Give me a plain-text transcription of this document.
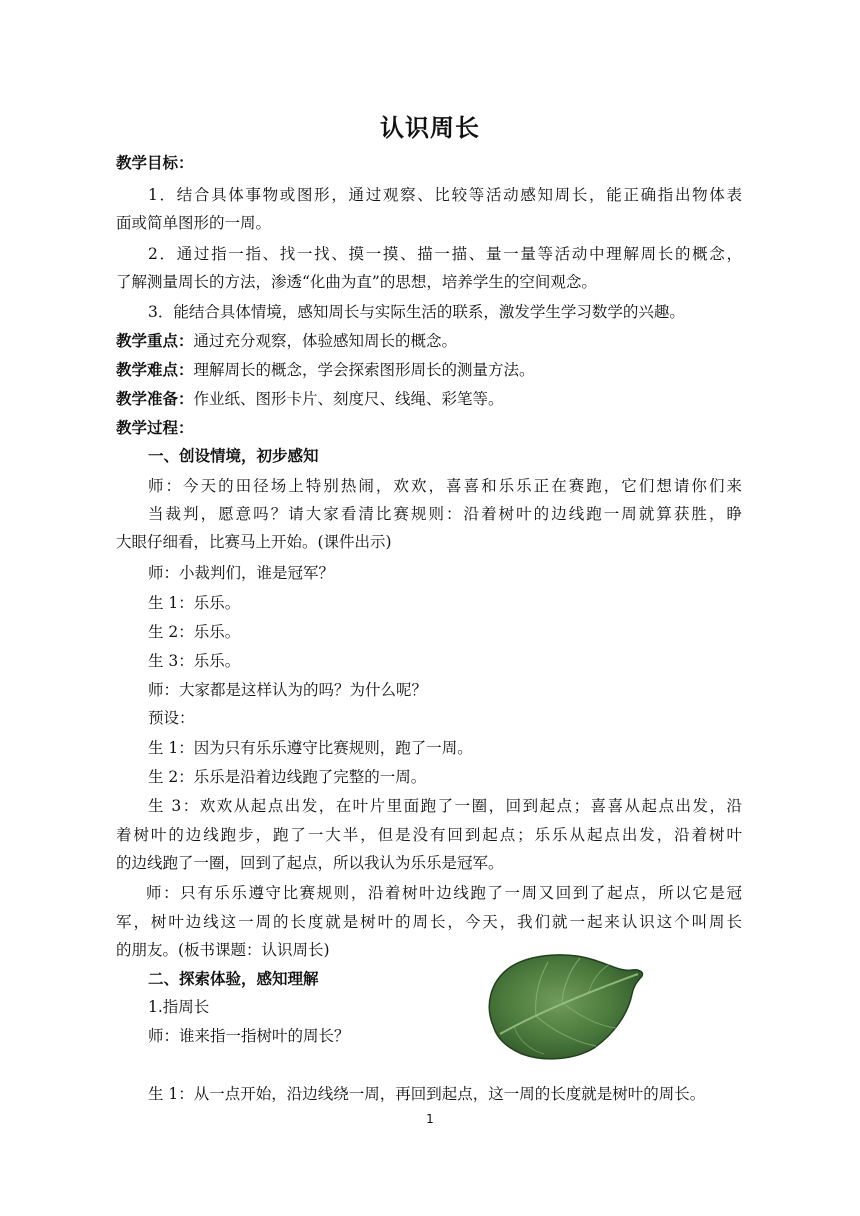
认识周长
教学目标：
1．结合具体事物或图形，通过观察、比较等活动感知周长，能正确指出物体表
面或简单图形的一周。
2．通过指一指、找一找、摸一摸、描一描、量一量等活动中理解周长的概念，
了解测量周长的方法，渗透“化曲为直”的思想，培养学生的空间观念。
3．能结合具体情境，感知周长与实际生活的联系，激发学生学习数学的兴趣。
教学重点：通过充分观察，体验感知周长的概念。
教学难点：理解周长的概念，学会探索图形周长的测量方法。
教学准备：作业纸、图形卡片、刻度尺、线绳、彩笔等。
教学过程：
一、创设情境，初步感知
师：今天的田径场上特别热闹，欢欢，喜喜和乐乐正在赛跑，它们想请你们来
当裁判，愿意吗？请大家看清比赛规则：沿着树叶的边线跑一周就算获胜，睁
大眼仔细看，比赛马上开始。(课件出示)
师：小裁判们，谁是冠军？
生 1：乐乐。
生 2：乐乐。
生 3：乐乐。
师：大家都是这样认为的吗？为什么呢？
预设：
生 1：因为只有乐乐遵守比赛规则，跑了一周。
生 2：乐乐是沿着边线跑了完整的一周。
生 3：欢欢从起点出发，在叶片里面跑了一圈，回到起点；喜喜从起点出发，沿
着树叶的边线跑步，跑了一大半，但是没有回到起点；乐乐从起点出发，沿着树叶
的边线跑了一圈，回到了起点，所以我认为乐乐是冠军。
师：只有乐乐遵守比赛规则，沿着树叶边线跑了一周又回到了起点，所以它是冠
军，树叶边线这一周的长度就是树叶的周长，今天，我们就一起来认识这个叫周长
的朋友。(板书课题：认识周长)
二、探索体验，感知理解
1.指周长
师：谁来指一指树叶的周长？
生 1：从一点开始，沿边线绕一周，再回到起点，这一周的长度就是树叶的周长。
1
